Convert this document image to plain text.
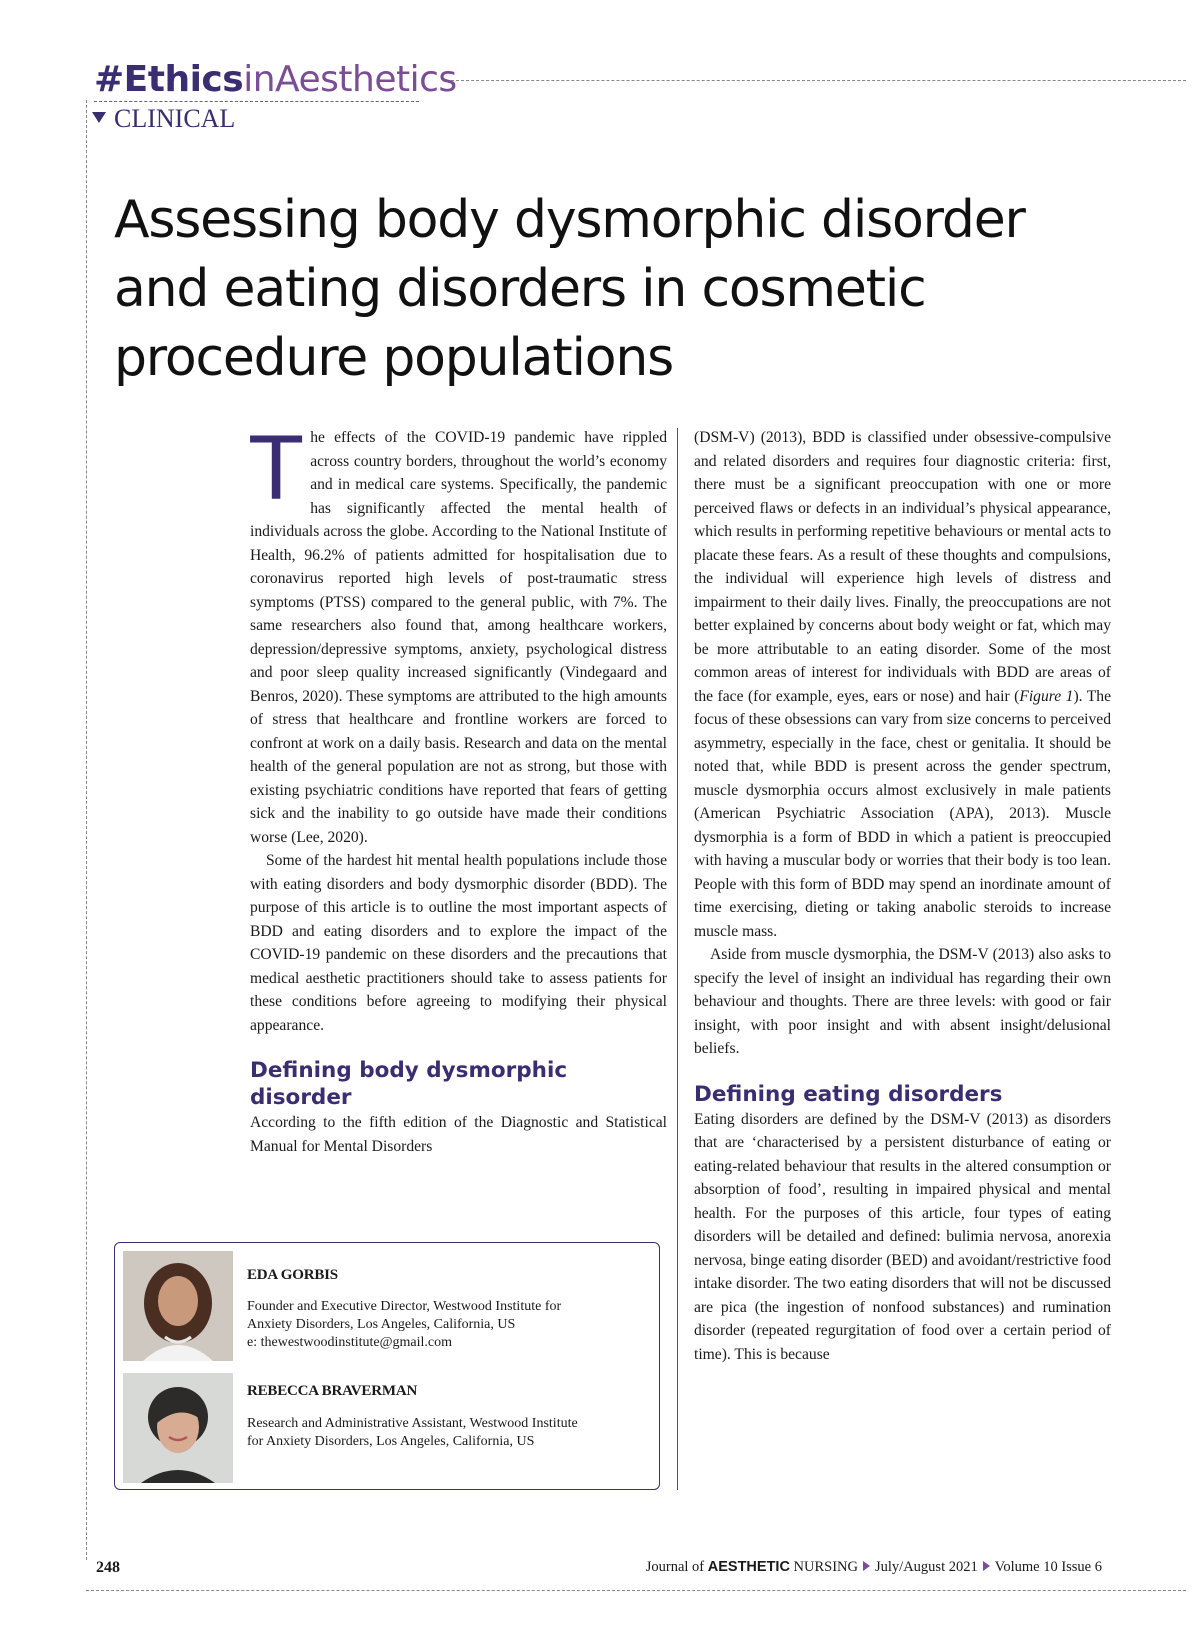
#EthicsinAesthetics
CLINICAL
Assessing body dysmorphic disorder and eating disorders in cosmetic procedure populations
T he effects of the COVID-19 pandemic have rippled across country borders, throughout the world’s economy and in medical care systems. Specifically, the pandemic has significantly affected the mental health of individuals across the globe. According to the National Institute of Health, 96.2% of patients admitted for hospitalisation due to coronavirus reported high levels of post-traumatic stress symptoms (PTSS) compared to the general public, with 7%. The same researchers also found that, among healthcare workers, depression/depressive symptoms, anxiety, psychological distress and poor sleep quality increased significantly (Vindegaard and Benros, 2020). These symptoms are attributed to the high amounts of stress that healthcare and frontline workers are forced to confront at work on a daily basis. Research and data on the mental health of the general population are not as strong, but those with existing psychiatric conditions have reported that fears of getting sick and the inability to go outside have made their conditions worse (Lee, 2020).

Some of the hardest hit mental health populations include those with eating disorders and body dysmorphic disorder (BDD). The purpose of this article is to outline the most important aspects of BDD and eating disorders and to explore the impact of the COVID-19 pandemic on these disorders and the precautions that medical aesthetic practitioners should take to assess patients for these conditions before agreeing to modifying their physical appearance.

Defining body dysmorphic disorder

According to the fifth edition of the Diagnostic and Statistical Manual for Mental Disorders

(DSM-V) (2013), BDD is classified under obsessive-compulsive and related disorders and requires four diagnostic criteria: first, there must be a significant preoccupation with one or more perceived flaws or defects in an individual’s physical appearance, which results in performing repetitive behaviours or mental acts to placate these fears. As a result of these thoughts and compulsions, the individual will experience high levels of distress and impairment to their daily lives. Finally, the preoccupations are not better explained by concerns about body weight or fat, which may be more attributable to an eating disorder. Some of the most common areas of interest for individuals with BDD are areas of the face (for example, eyes, ears or nose) and hair (Figure 1). The focus of these obsessions can vary from size concerns to perceived asymmetry, especially in the face, chest or genitalia. It should be noted that, while BDD is present across the gender spectrum, muscle dysmorphia occurs almost exclusively in male patients (American Psychiatric Association (APA), 2013). Muscle dysmorphia is a form of BDD in which a patient is preoccupied with having a muscular body or worries that their body is too lean. People with this form of BDD may spend an inordinate amount of time exercising, dieting or taking anabolic steroids to increase muscle mass.

Aside from muscle dysmorphia, the DSM-V (2013) also asks to specify the level of insight an individual has regarding their own behaviour and thoughts. There are three levels: with good or fair insight, with poor insight and with absent insight/delusional beliefs.

Defining eating disorders

Eating disorders are defined by the DSM-V (2013) as disorders that are ‘characterised by a persistent disturbance of eating or eating-related behaviour that results in the altered consumption or absorption of food’, resulting in impaired physical and mental health. For the purposes of this article, four types of eating disorders will be detailed and defined: bulimia nervosa, anorexia nervosa, binge eating disorder (BED) and avoidant/restrictive food intake disorder. The two eating disorders that will not be discussed are pica (the ingestion of nonfood substances) and rumination disorder (repeated regurgitation of food over a certain period of time). This is because

EDA GORBIS
Founder and Executive Director, Westwood Institute for
Anxiety Disorders, Los Angeles, California, US
e: thewestwoodinstitute@gmail.com
REBECCA BRAVERMAN
Research and Administrative Assistant, Westwood Institute
for Anxiety Disorders, Los Angeles, California, US
248	Journal of AESTHETIC NURSING July/August 2021 Volume 10 Issue 6
